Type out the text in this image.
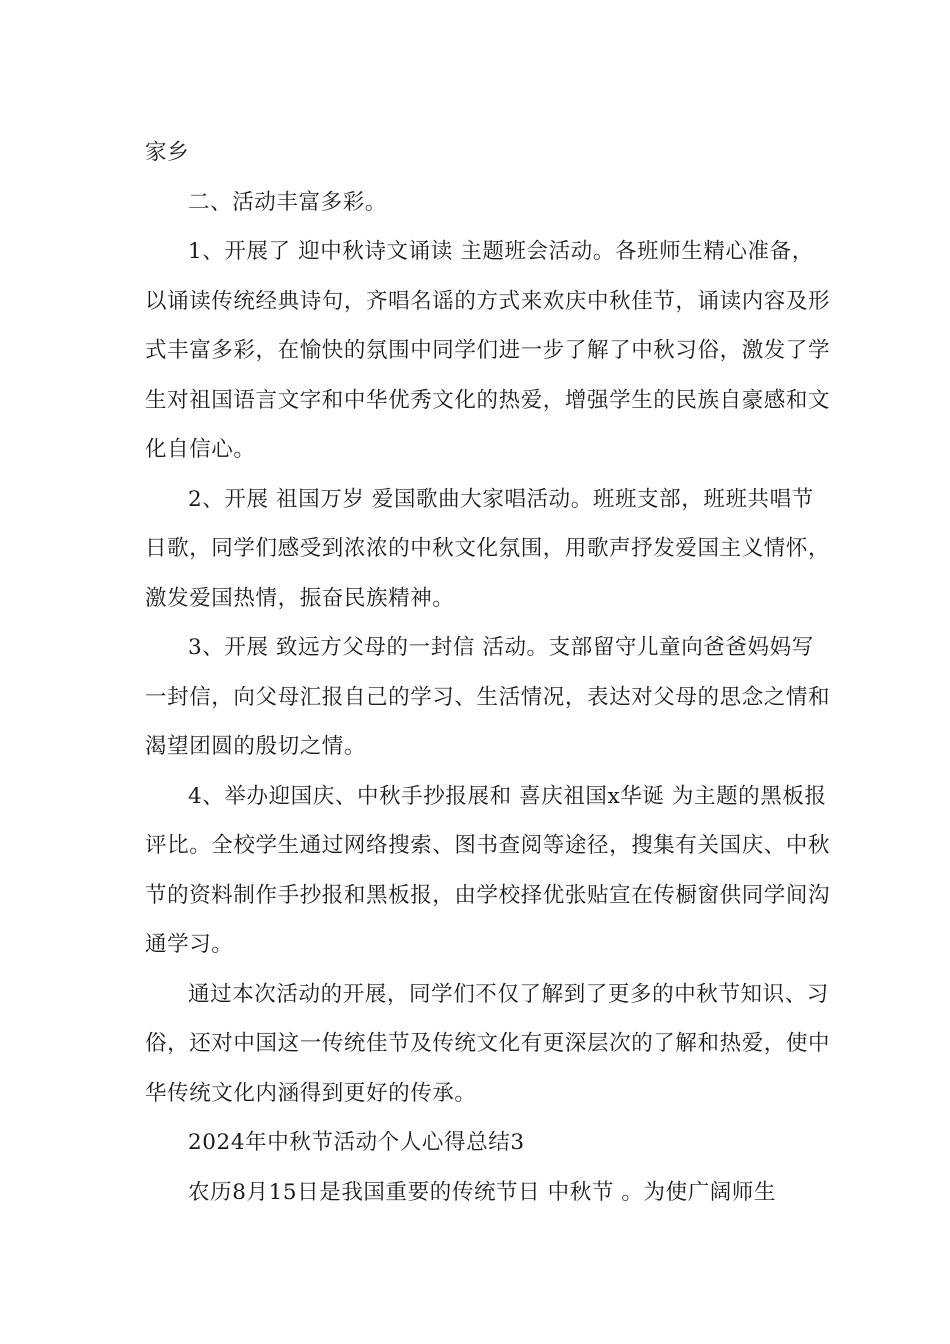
家乡

二、活动丰富多彩。

1、开展了 迎中秋诗文诵读 主题班会活动。各班师生精心准备，以诵读传统经典诗句，齐唱名谣的方式来欢庆中秋佳节，诵读内容及形式丰富多彩，在愉快的氛围中同学们进一步了解了中秋习俗，激发了学生对祖国语言文字和中华优秀文化的热爱，增强学生的民族自豪感和文化自信心。

2、开展 祖国万岁 爱国歌曲大家唱活动。班班支部，班班共唱节日歌，同学们感受到浓浓的中秋文化氛围，用歌声抒发爱国主义情怀，激发爱国热情，振奋民族精神。

3、开展 致远方父母的一封信 活动。支部留守儿童向爸爸妈妈写一封信，向父母汇报自己的学习、生活情况，表达对父母的思念之情和渴望团圆的殷切之情。

4、举办迎国庆、中秋手抄报展和 喜庆祖国x华诞 为主题的黑板报评比。全校学生通过网络搜索、图书查阅等途径，搜集有关国庆、中秋节的资料制作手抄报和黑板报，由学校择优张贴宣在传橱窗供同学间沟通学习。

通过本次活动的开展，同学们不仅了解到了更多的中秋节知识、习俗，还对中国这一传统佳节及传统文化有更深层次的了解和热爱，使中华传统文化内涵得到更好的传承。

2024年中秋节活动个人心得总结3

农历8月15日是我国重要的传统节日 中秋节 。为使广阔师生
